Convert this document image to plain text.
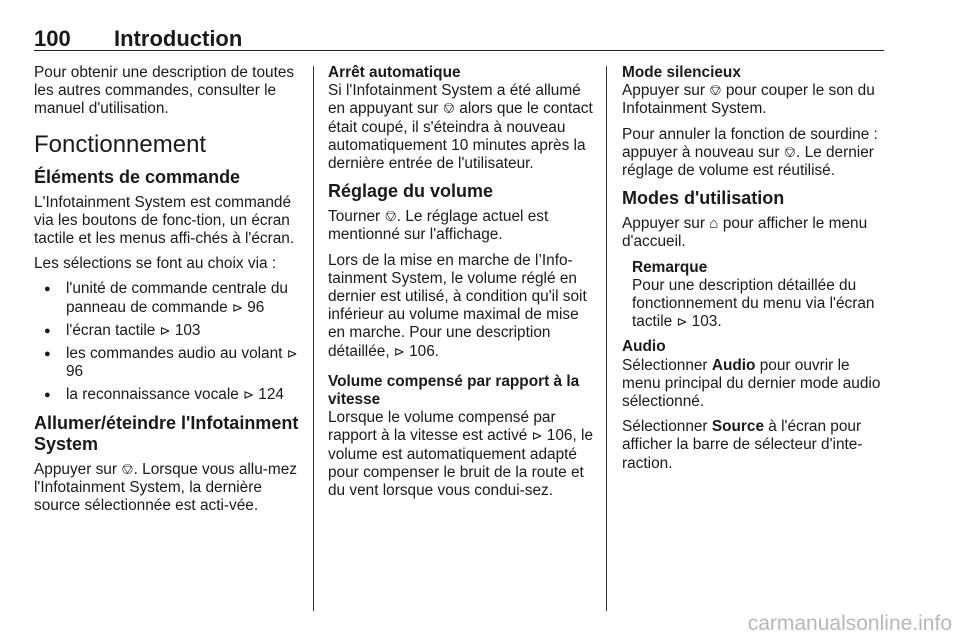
100 Introduction

Pour obtenir une description de toutes les autres commandes, consulter le manuel d'utilisation.

Fonctionnement
Éléments de commande

L'Infotainment System est commandé via les boutons de fonc-tion, un écran tactile et les menus affi-chés à l'écran.

Les sélections se font au choix via :

● l'unité de commande centrale du panneau de commande ⊳ 96
● l'écran tactile ⊳ 103
● les commandes audio au volant ⊳ 96
● la reconnaissance vocale ⊳ 124
Allumer/éteindre l'Infotainment System

Appuyer sur ⎊. Lorsque vous allu-mez l'Infotainment System, la dernière source sélectionnée est acti-vée.

Arrêt automatique

Si l'Infotainment System a été allumé en appuyant sur ⎊ alors que le contact était coupé, il s'éteindra à nouveau automatiquement 10 minutes après la dernière entrée de l'utilisateur.

Réglage du volume

Tourner ⎊. Le réglage actuel est mentionné sur l'affichage.

Lors de la mise en marche de l’Info-tainment System, le volume réglé en dernier est utilisé, à condition qu'il soit inférieur au volume maximal de mise en marche. Pour une description détaillée, ⊳ 106.

Volume compensé par rapport à la vitesse

Lorsque le volume compensé par rapport à la vitesse est activé ⊳ 106, le volume est automatiquement adapté pour compenser le bruit de la route et du vent lorsque vous condui-sez.

Mode silencieux

Appuyer sur ⎊ pour couper le son du Infotainment System.

Pour annuler la fonction de sourdine : appuyer à nouveau sur ⎊. Le dernier réglage de volume est réutilisé.

Modes d'utilisation

Appuyer sur ⌂ pour afficher le menu d'accueil.

Remarque
Pour une description détaillée du fonctionnement du menu via l'écran tactile ⊳ 103.
Audio

Sélectionner Audio pour ouvrir le menu principal du dernier mode audio sélectionné.

Sélectionner Source à l'écran pour afficher la barre de sélecteur d'inte-raction.

carmanualsonline.info
